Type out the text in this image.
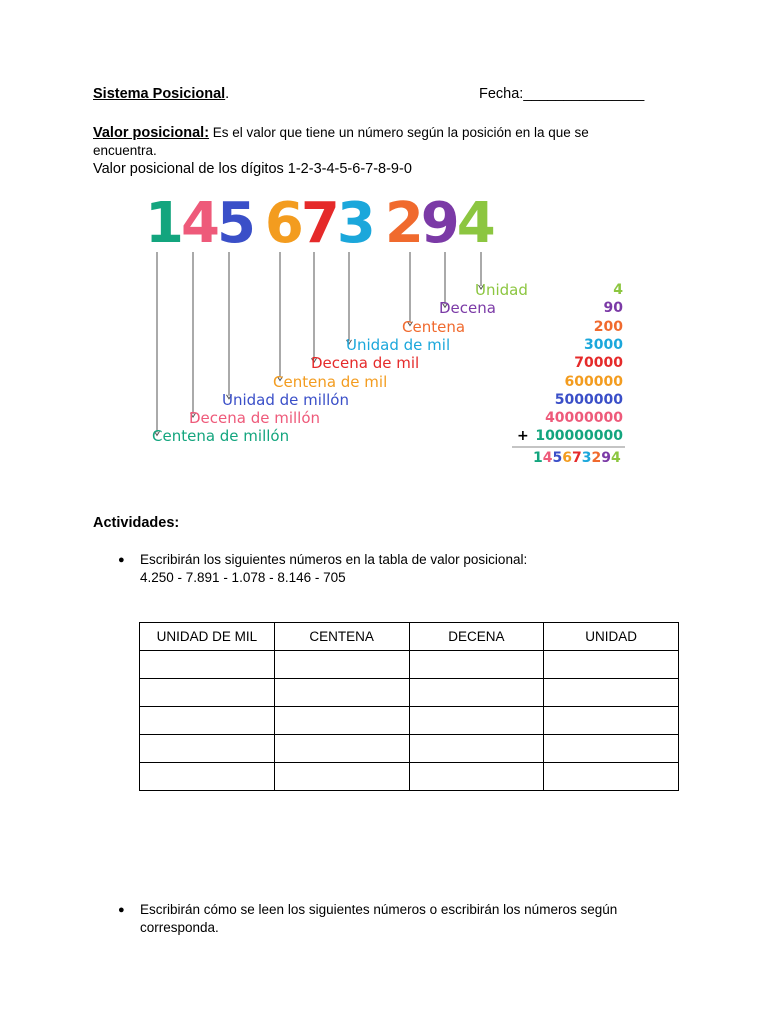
Sistema Posicional.	Fecha:_______________
Valor posicional: Es el valor que tiene un número según la posición en la que se encuentra.
Valor posicional de los dígitos 1-2-3-4-5-6-7-8-9-0
145 673 294
Unidad	4
Decena	90
Centena	200
Unidad de mil	3000
Decena de mil	70000
Centena de mil	600000
Unidad de millón	5000000
Decena de millón	40000000
Centena de millón	100000000
+
145673294
Actividades:
● Escribirán los siguientes números en la tabla de valor posicional:
4.250 - 7.891 - 1.078 - 8.146 - 705
UNIDAD DE MIL	CENTENA	DECENA	UNIDAD

● Escribirán cómo se leen los siguientes números o escribirán los números según corresponda.
